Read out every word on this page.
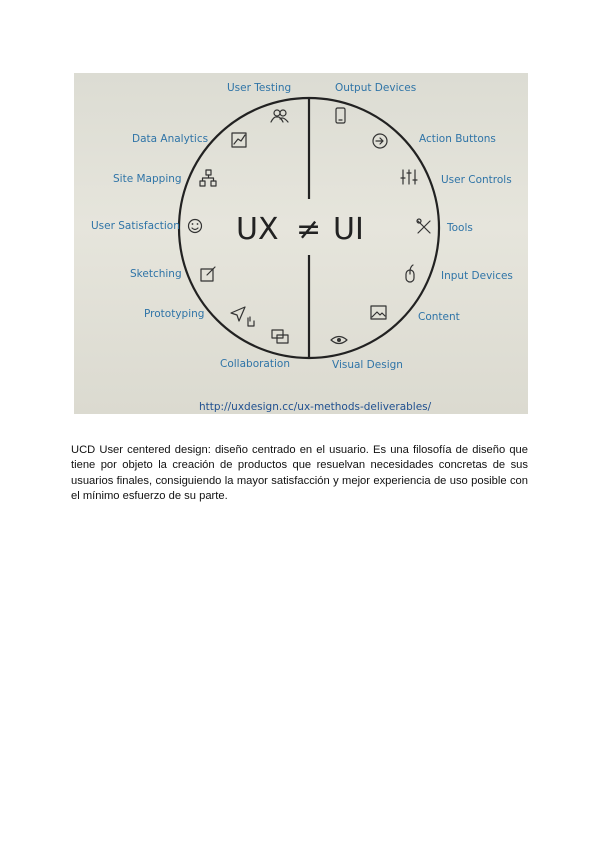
UX ≠ UI
User Testing
Data Analytics
Site Mapping
User Satisfaction
Sketching
Prototyping
Collaboration
Output Devices
Action Buttons
User Controls
Tools
Input Devices
Content
Visual Design
http://uxdesign.cc/ux-methods-deliverables/

UCD User centered design: diseño centrado en el usuario. Es una filosofía de diseño que tiene por objeto la creación de productos que resuelvan necesidades concretas de sus usuarios finales, consiguiendo la mayor satisfacción y mejor experiencia de uso posible con el mínimo esfuerzo de su parte.
